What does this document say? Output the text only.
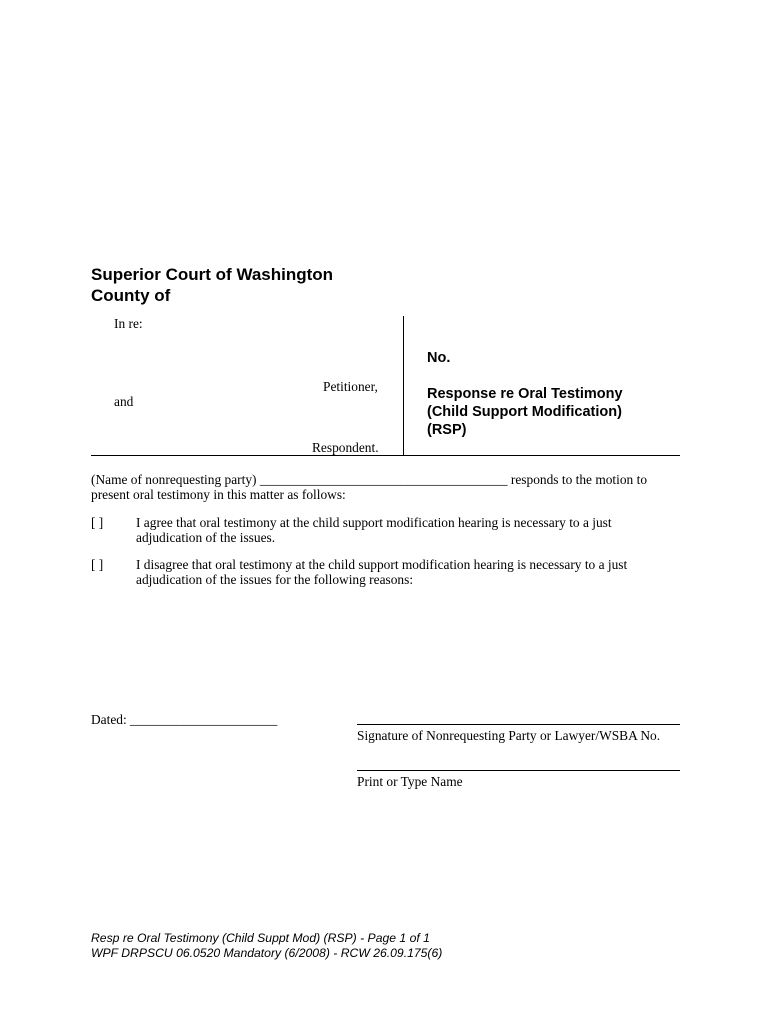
Superior Court of Washington
County of
In re:
Petitioner,
and
Respondent.
No.
Response re Oral Testimony
(Child Support Modification)
(RSP)
(Name of nonrequesting party) _____________________________________ responds to the motion to
present oral testimony in this matter as follows:
[ ] I agree that oral testimony at the child support modification hearing is necessary to a just
adjudication of the issues.
[ ] I disagree that oral testimony at the child support modification hearing is necessary to a just
adjudication of the issues for the following reasons:
Dated: ______________________
Signature of Nonrequesting Party or Lawyer/WSBA No.
Print or Type Name
Resp re Oral Testimony (Child Suppt Mod) (RSP) - Page 1 of 1
WPF DRPSCU 06.0520 Mandatory (6/2008) - RCW 26.09.175(6)
